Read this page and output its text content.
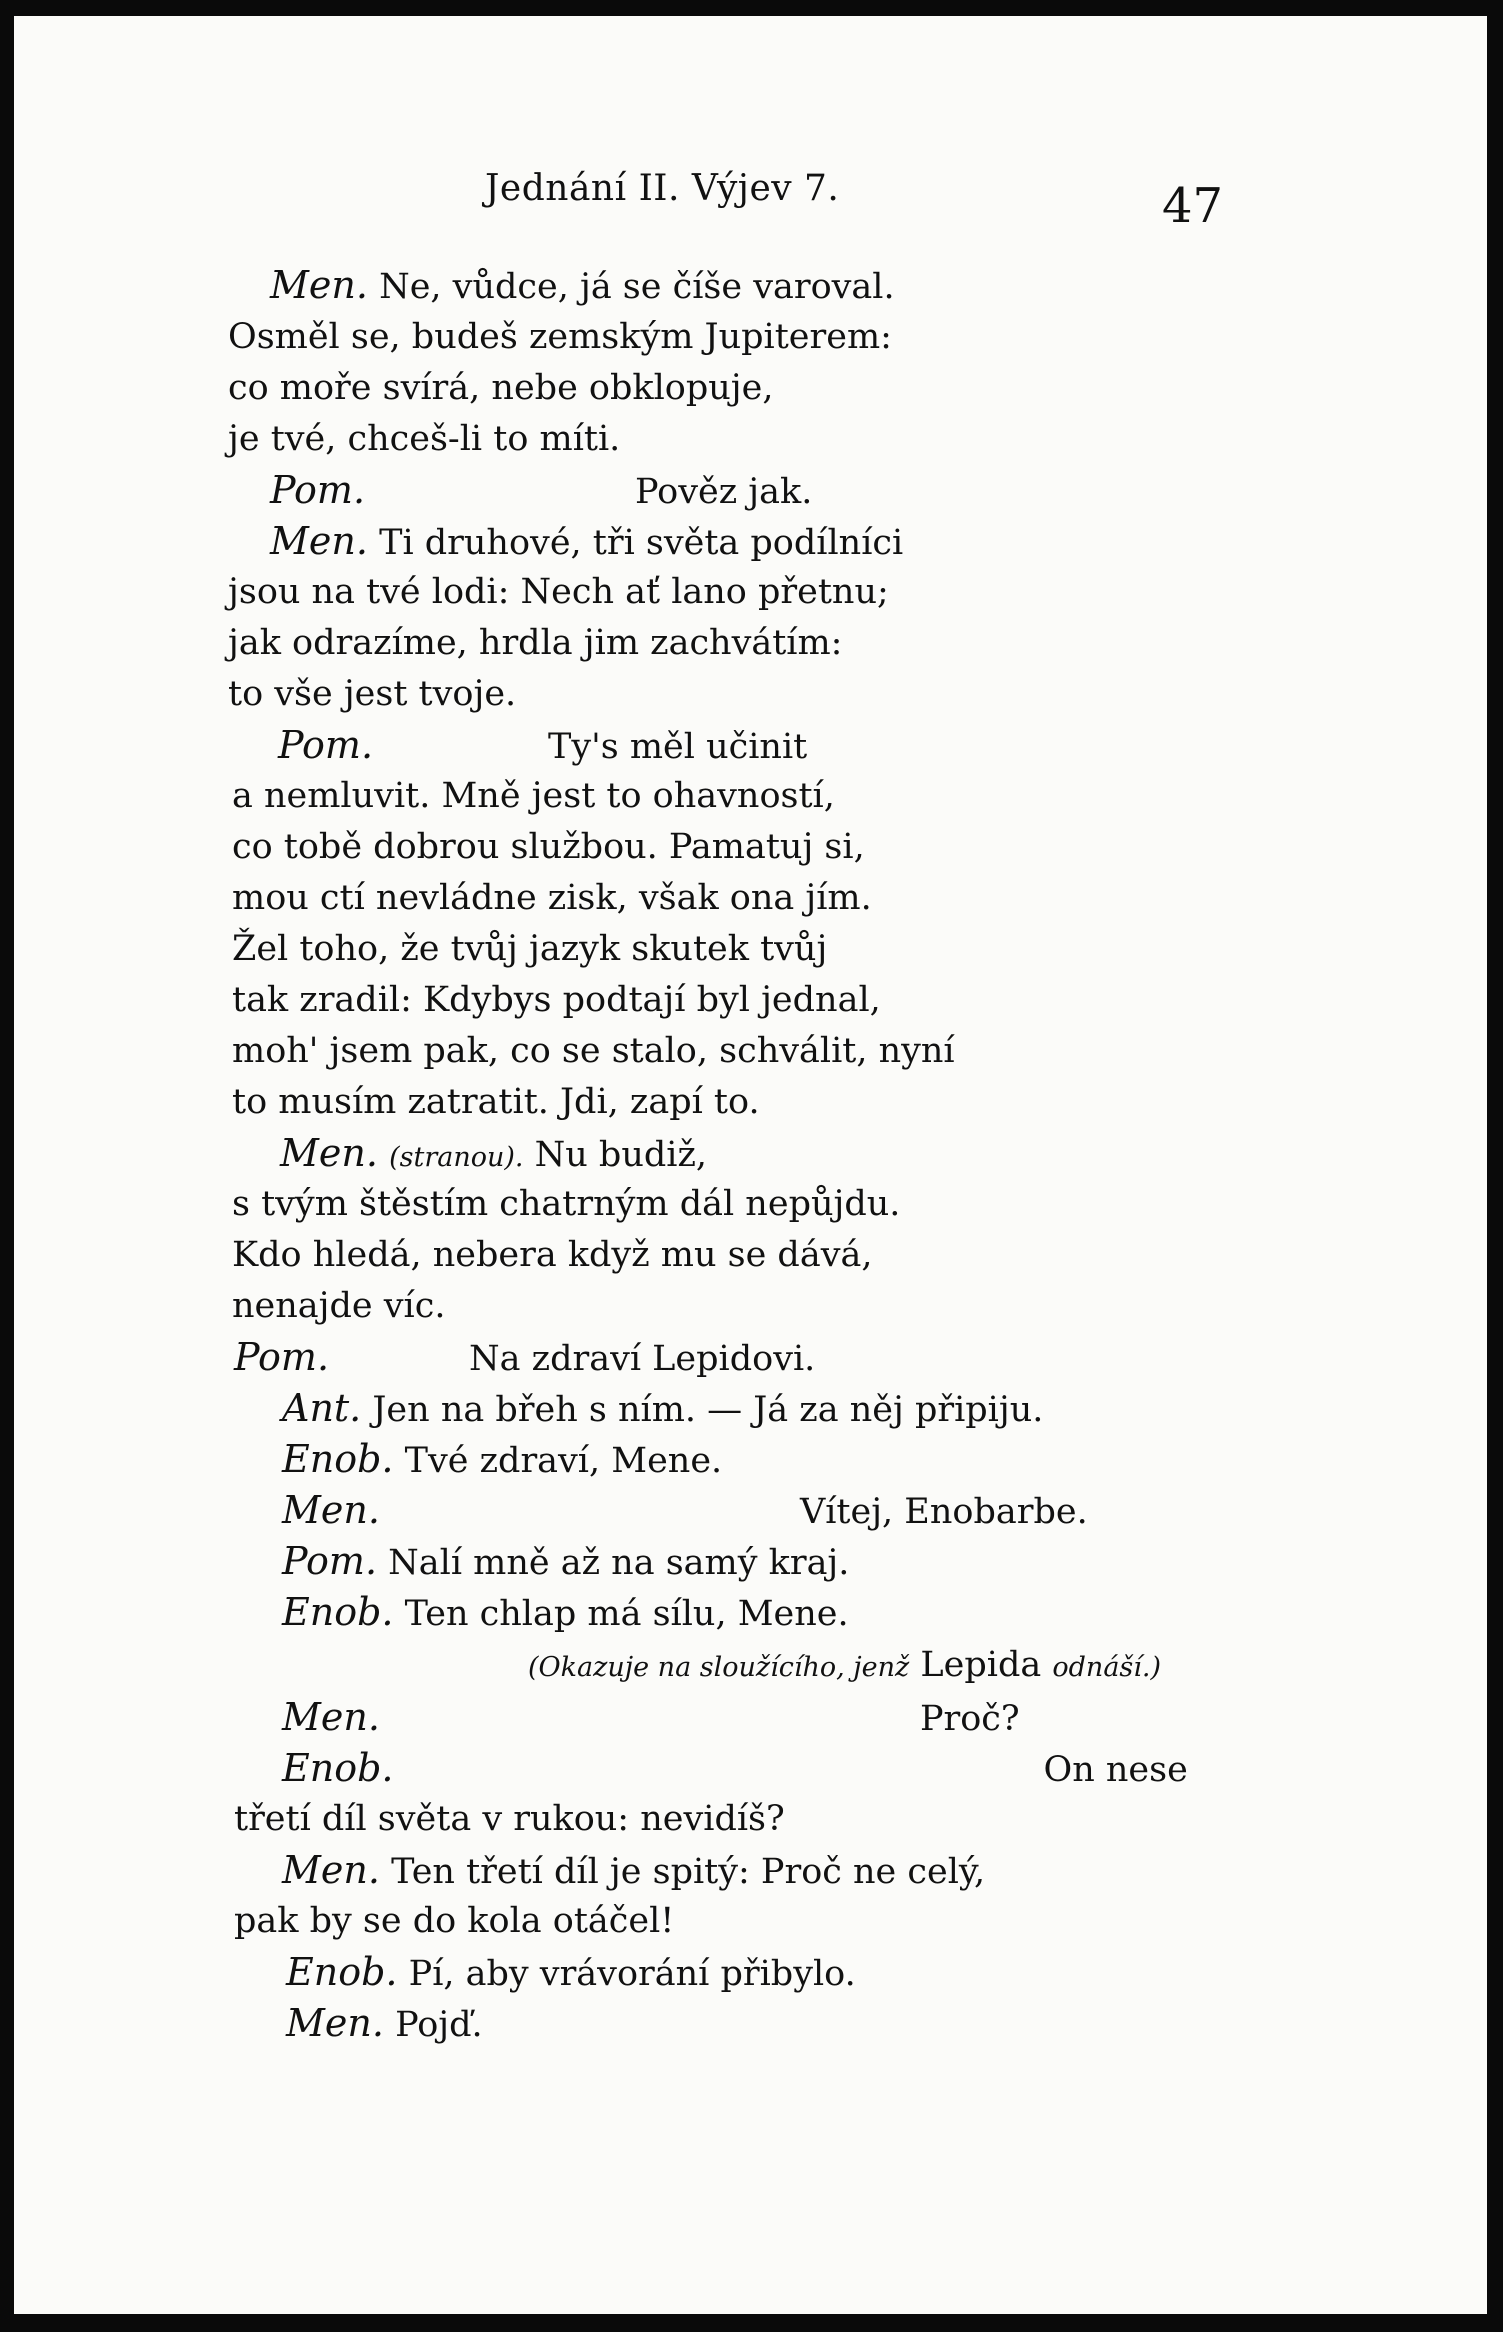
Jednání II. Výjev 7.	47
Men. Ne, vůdce, já se číše varoval.
Osměl se, budeš zemským Jupiterem:
co moře svírá, nebe obklopuje,
je tvé, chceš-li to míti.
Pom.	Pověz jak.
Men. Ti druhové, tři světa podílníci
jsou na tvé lodi: Nech ať lano přetnu;
jak odrazíme, hrdla jim zachvátím:
to vše jest tvoje.
Pom.	Ty's měl učinit
a nemluvit. Mně jest to ohavností,
co tobě dobrou službou. Pamatuj si,
mou ctí nevládne zisk, však ona jím.
Žel toho, že tvůj jazyk skutek tvůj
tak zradil: Kdybys podtají byl jednal,
moh' jsem pak, co se stalo, schválit, nyní
to musím zatratit. Jdi, zapí to.
Men. (stranou). Nu budiž,
s tvým štěstím chatrným dál nepůjdu.
Kdo hledá, nebera když mu se dává,
nenajde víc.
Pom.	Na zdraví Lepidovi.
Ant. Jen na břeh s ním. — Já za něj připiju.
Enob. Tvé zdraví, Mene.
Men.	Vítej, Enobarbe.
Pom. Nalí mně až na samý kraj.
Enob. Ten chlap má sílu, Mene.
(Okazuje na sloužícího, jenž Lepida odnáší.)
Men.	Proč?
Enob.	On nese
třetí díl světa v rukou: nevidíš?
Men. Ten třetí díl je spitý: Proč ne celý,
pak by se do kola otáčel!
Enob. Pí, aby vrávorání přibylo.
Men. Pojď.
